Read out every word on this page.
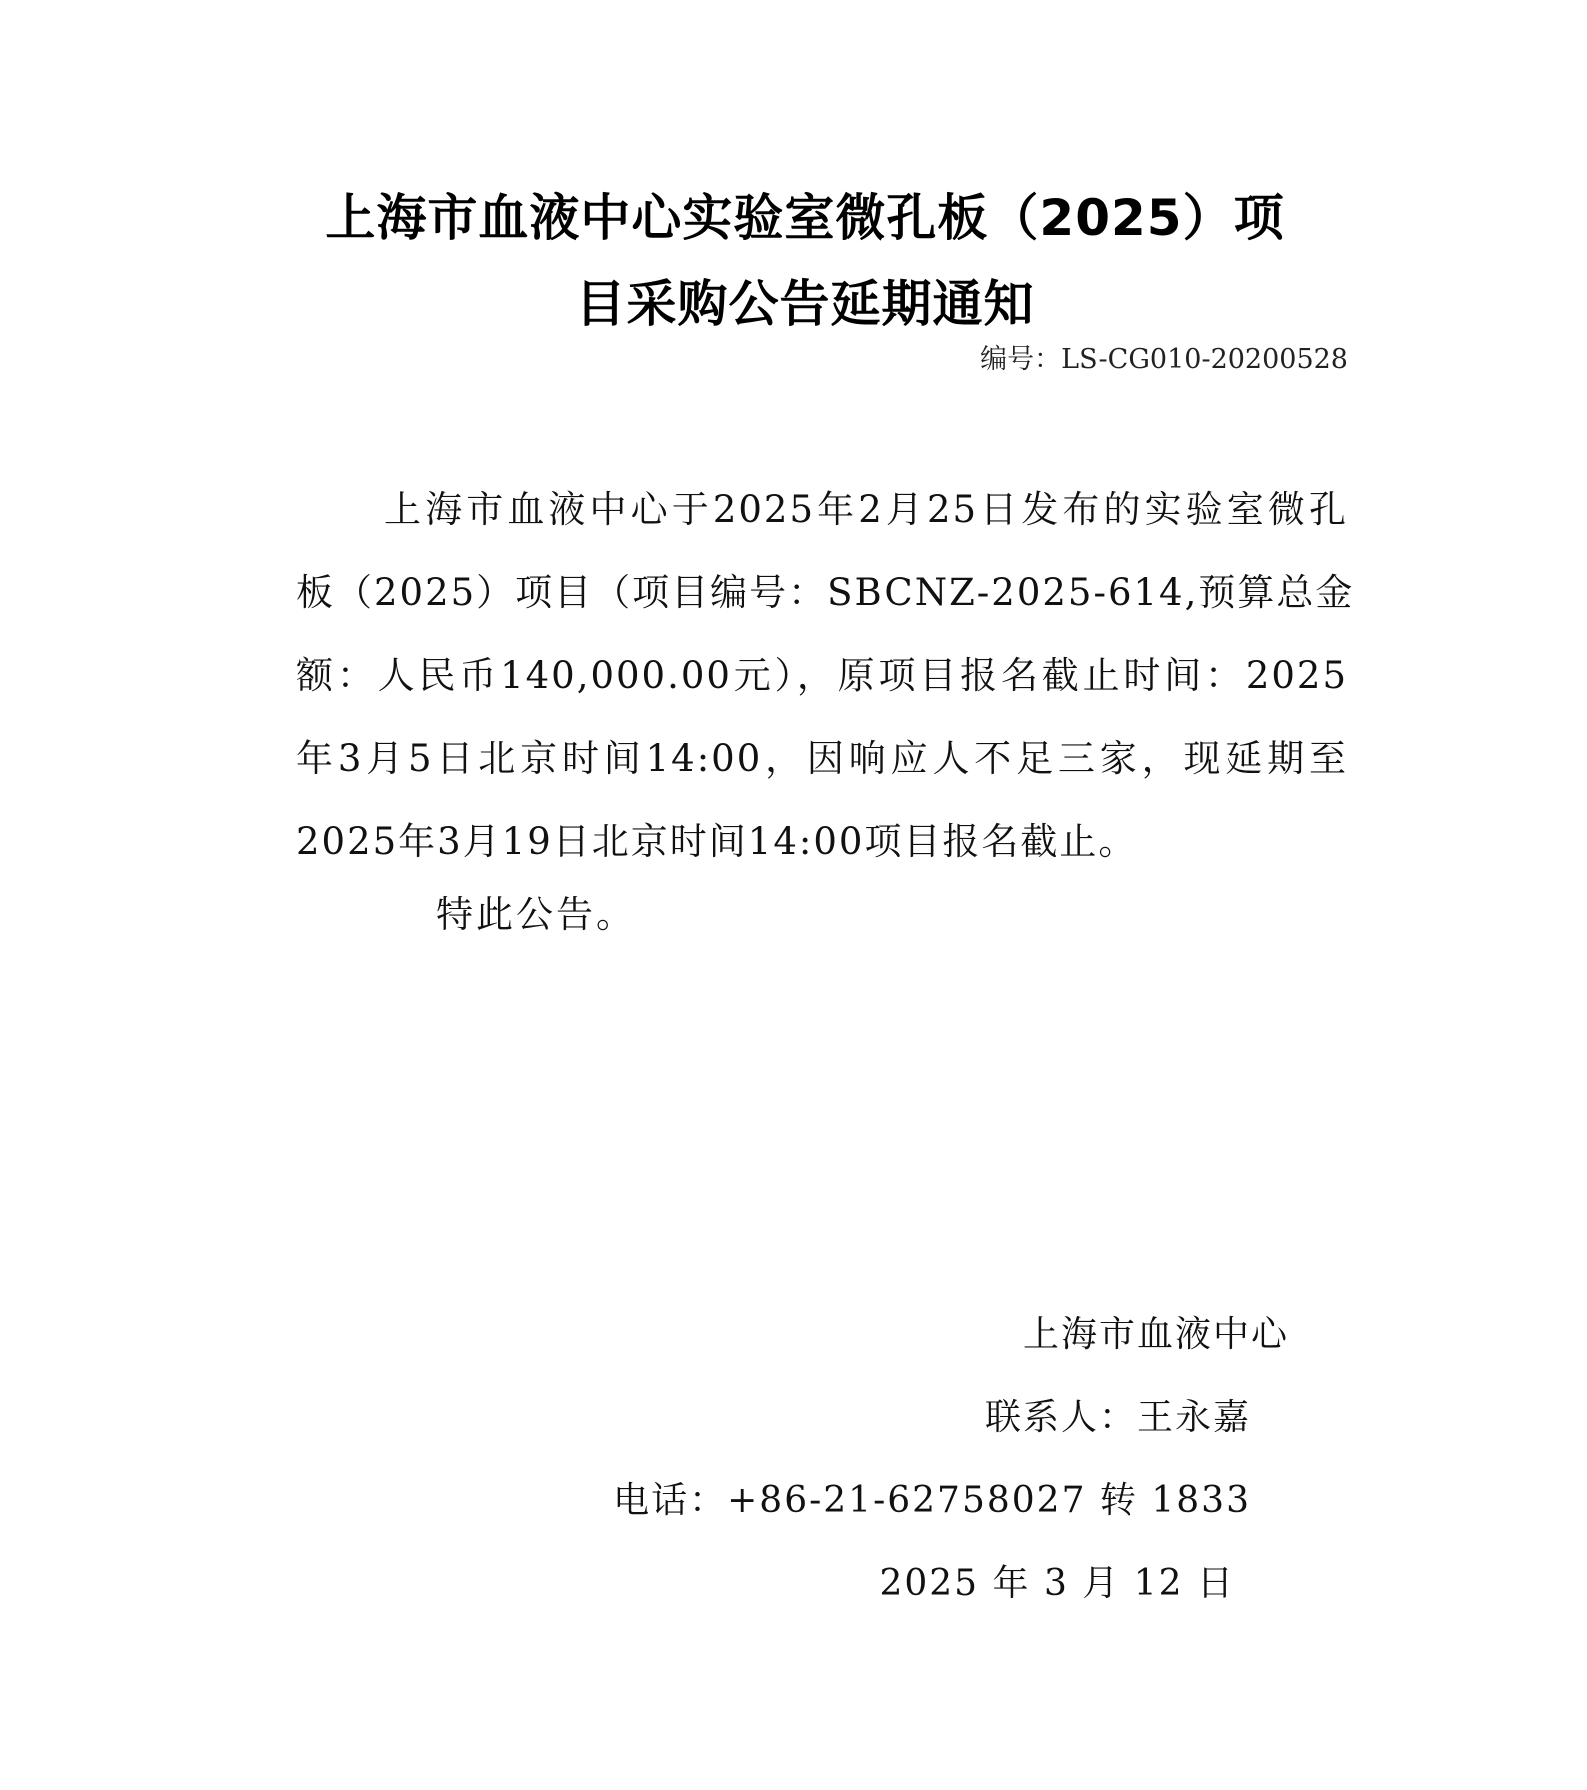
上海市血液中心实验室微孔板（2025）项
目采购公告延期通知
编号：LS-CG010-20200528
上海市血液中心于2025年2月25日发布的实验室微孔
板（2025）项目（项目编号：SBCNZ-2025-614,预算总金
额：人民币140,000.00元），原项目报名截止时间：2025
年3月5日北京时间14:00，因响应人不足三家，现延期至
2025年3月19日北京时间14:00项目报名截止。
特此公告。
上海市血液中心
联系人：王永嘉
电话：+86-21-62758027 转 1833
2025 年 3 月 12 日
